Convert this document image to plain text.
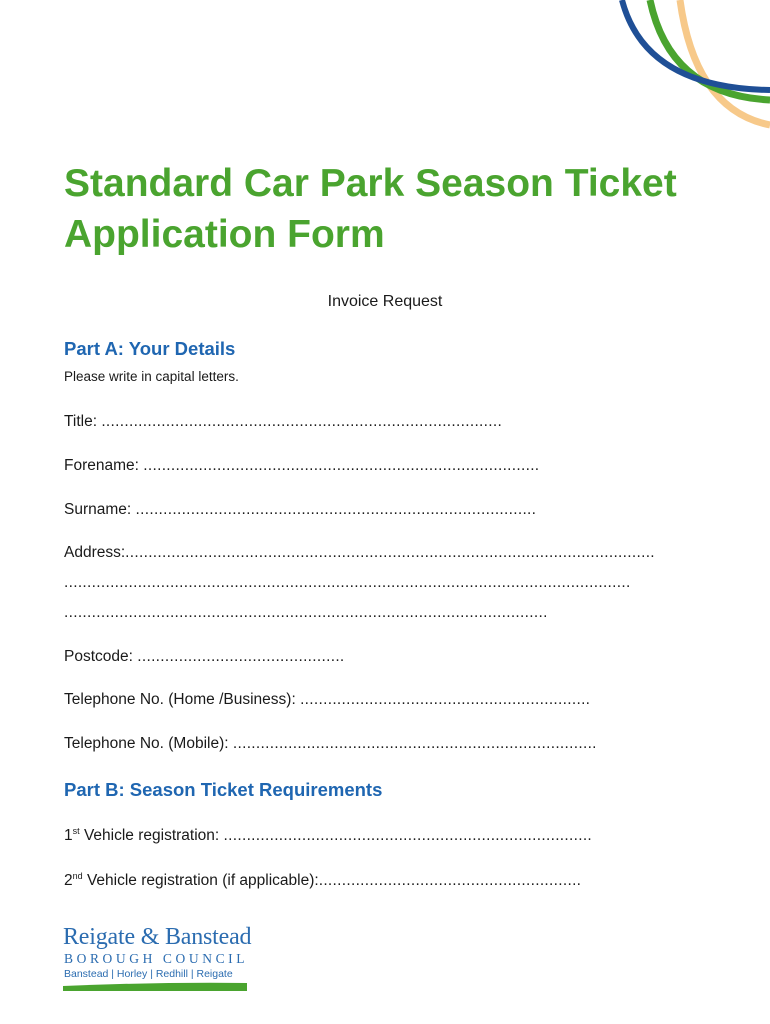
Standard Car Park Season Ticket
Application Form
Invoice Request
Part A: Your Details
Please write in capital letters.
Title: .......................................................................................
Forename: ......................................................................................
Surname: .......................................................................................
Address:...................................................................................................................
...........................................................................................................................
.........................................................................................................
Postcode: .............................................
Telephone No. (Home /Business): ...............................................................
Telephone No. (Mobile): ...............................................................................
Part B: Season Ticket Requirements
1st Vehicle registration: ................................................................................
2nd Vehicle registration (if applicable):.........................................................
Reigate & Banstead
BOROUGH COUNCIL
Banstead | Horley | Redhill | Reigate
